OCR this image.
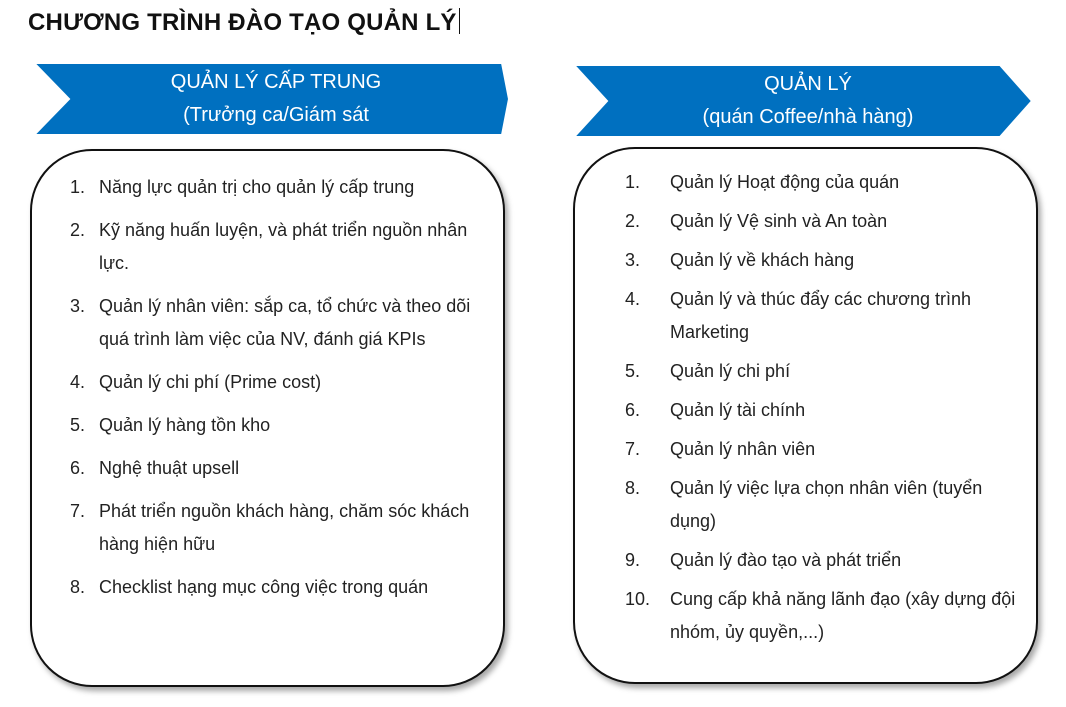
CHƯƠNG TRÌNH ĐÀO TẠO QUẢN LÝ
QUẢN LÝ CẤP TRUNG
(Trưởng ca/Giám sát
QUẢN LÝ
(quán Coffee/nhà hàng)
1. Năng lực quản trị cho quản lý cấp trung
2. Kỹ năng huấn luyện, và phát triển nguồn nhân lực.
3. Quản lý nhân viên: sắp ca, tổ chức và theo dõi quá trình làm việc của NV, đánh giá KPIs
4. Quản lý chi phí (Prime cost)
5. Quản lý hàng tồn kho
6. Nghệ thuật upsell
7. Phát triển nguồn khách hàng, chăm sóc khách hàng hiện hữu
8. Checklist hạng mục công việc trong quán
1.	Quản lý Hoạt động của quán
2.	Quản lý Vệ sinh và An toàn
3.	Quản lý về khách hàng
4.	Quản lý và thúc đẩy các chương trình Marketing
5.	Quản lý chi phí
6.	Quản lý tài chính
7.	Quản lý nhân viên
8.	Quản lý việc lựa chọn nhân viên (tuyển dụng)
9.	Quản lý đào tạo và phát triển
10.	Cung cấp khả năng lãnh đạo (xây dựng đội nhóm, ủy quyền,...)
